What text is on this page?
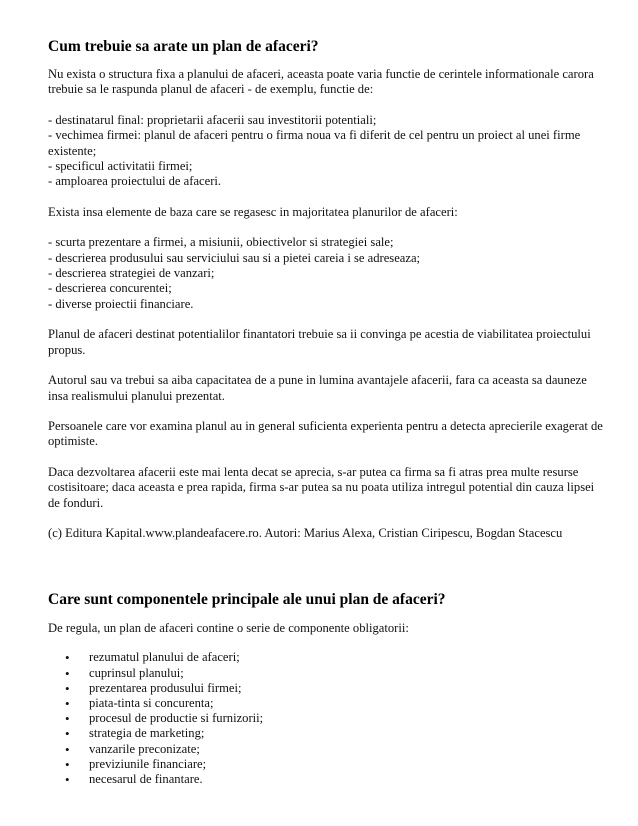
Cum trebuie sa arate un plan de afaceri?
Nu exista o structura fixa a planului de afaceri, aceasta poate varia functie de cerintele informationale carora
trebuie sa le raspunda planul de afaceri - de exemplu, functie de:
- destinatarul final: proprietarii afacerii sau investitorii potentiali;
- vechimea firmei: planul de afaceri pentru o firma noua va fi diferit de cel pentru un proiect al unei firme
existente;
- specificul activitatii firmei;
- amploarea proiectului de afaceri.

Exista insa elemente de baza care se regasesc in majoritatea planurilor de afaceri:

- scurta prezentare a firmei, a misiunii, obiectivelor si strategiei sale;
- descrierea produsului sau serviciului sau si a pietei careia i se adreseaza;
- descrierea strategiei de vanzari;
- descrierea concurentei;
- diverse proiectii financiare.
Planul de afaceri destinat potentialilor finantatori trebuie sa ii convinga pe acestia de viabilitatea proiectului
propus.
Autorul sau va trebui sa aiba capacitatea de a pune in lumina avantajele afacerii, fara ca aceasta sa dauneze
insa realismului planului prezentat.
Persoanele care vor examina planul au in general suficienta experienta pentru a detecta aprecierile exagerat de
optimiste.
Daca dezvoltarea afacerii este mai lenta decat se aprecia, s-ar putea ca firma sa fi atras prea multe resurse
costisitoare; daca aceasta e prea rapida, firma s-ar putea sa nu poata utiliza intregul potential din cauza lipsei
de fonduri.

(c) Editura Kapital.www.plandeafacere.ro. Autori: Marius Alexa, Cristian Ciripescu, Bogdan Stacescu

Care sunt componentele principale ale unui plan de afaceri?

De regula, un plan de afaceri contine o serie de componente obligatorii:

• rezumatul planului de afaceri;
• cuprinsul planului;
• prezentarea produsului firmei;
• piata-tinta si concurenta;
• procesul de productie si furnizorii;
• strategia de marketing;
• vanzarile preconizate;
• previziunile financiare;
• necesarul de finantare.
